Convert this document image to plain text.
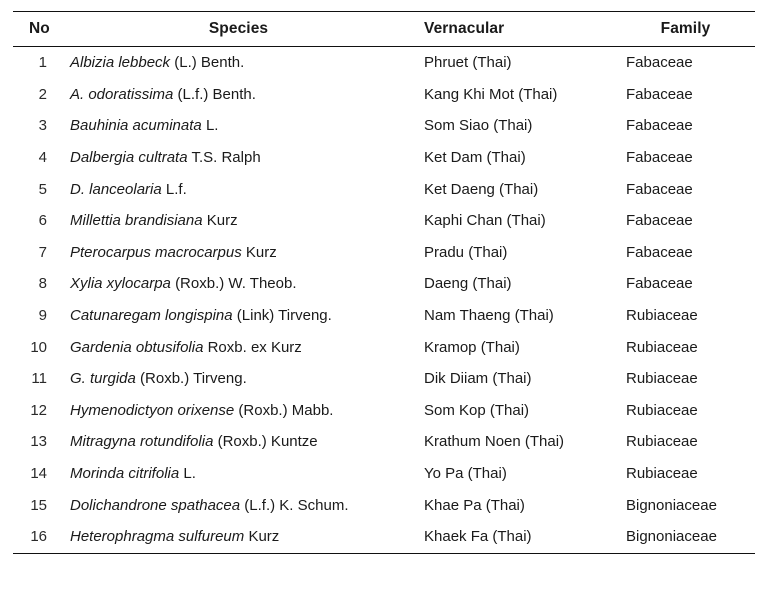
No	Species	Vernacular	Family
1	Albizia lebbeck (L.) Benth.	Phruet (Thai)	Fabaceae
2	A. odoratissima (L.f.) Benth.	Kang Khi Mot (Thai)	Fabaceae
3	Bauhinia acuminata L.	Som Siao (Thai)	Fabaceae
4	Dalbergia cultrata T.S. Ralph	Ket Dam (Thai)	Fabaceae
5	D. lanceolaria L.f.	Ket Daeng (Thai)	Fabaceae
6	Millettia brandisiana Kurz	Kaphi Chan (Thai)	Fabaceae
7	Pterocarpus macrocarpus Kurz	Pradu (Thai)	Fabaceae
8	Xylia xylocarpa (Roxb.) W. Theob.	Daeng (Thai)	Fabaceae
9	Catunaregam longispina (Link) Tirveng.	Nam Thaeng (Thai)	Rubiaceae
10	Gardenia obtusifolia Roxb. ex Kurz	Kramop (Thai)	Rubiaceae
11	G. turgida (Roxb.) Tirveng.	Dik Diiam (Thai)	Rubiaceae
12	Hymenodictyon orixense (Roxb.) Mabb.	Som Kop (Thai)	Rubiaceae
13	Mitragyna rotundifolia (Roxb.) Kuntze	Krathum Noen (Thai)	Rubiaceae
14	Morinda citrifolia L.	Yo Pa (Thai)	Rubiaceae
15	Dolichandrone spathacea (L.f.) K. Schum.	Khae Pa (Thai)	Bignoniaceae
16	Heterophragma sulfureum Kurz	Khaek Fa (Thai)	Bignoniaceae
